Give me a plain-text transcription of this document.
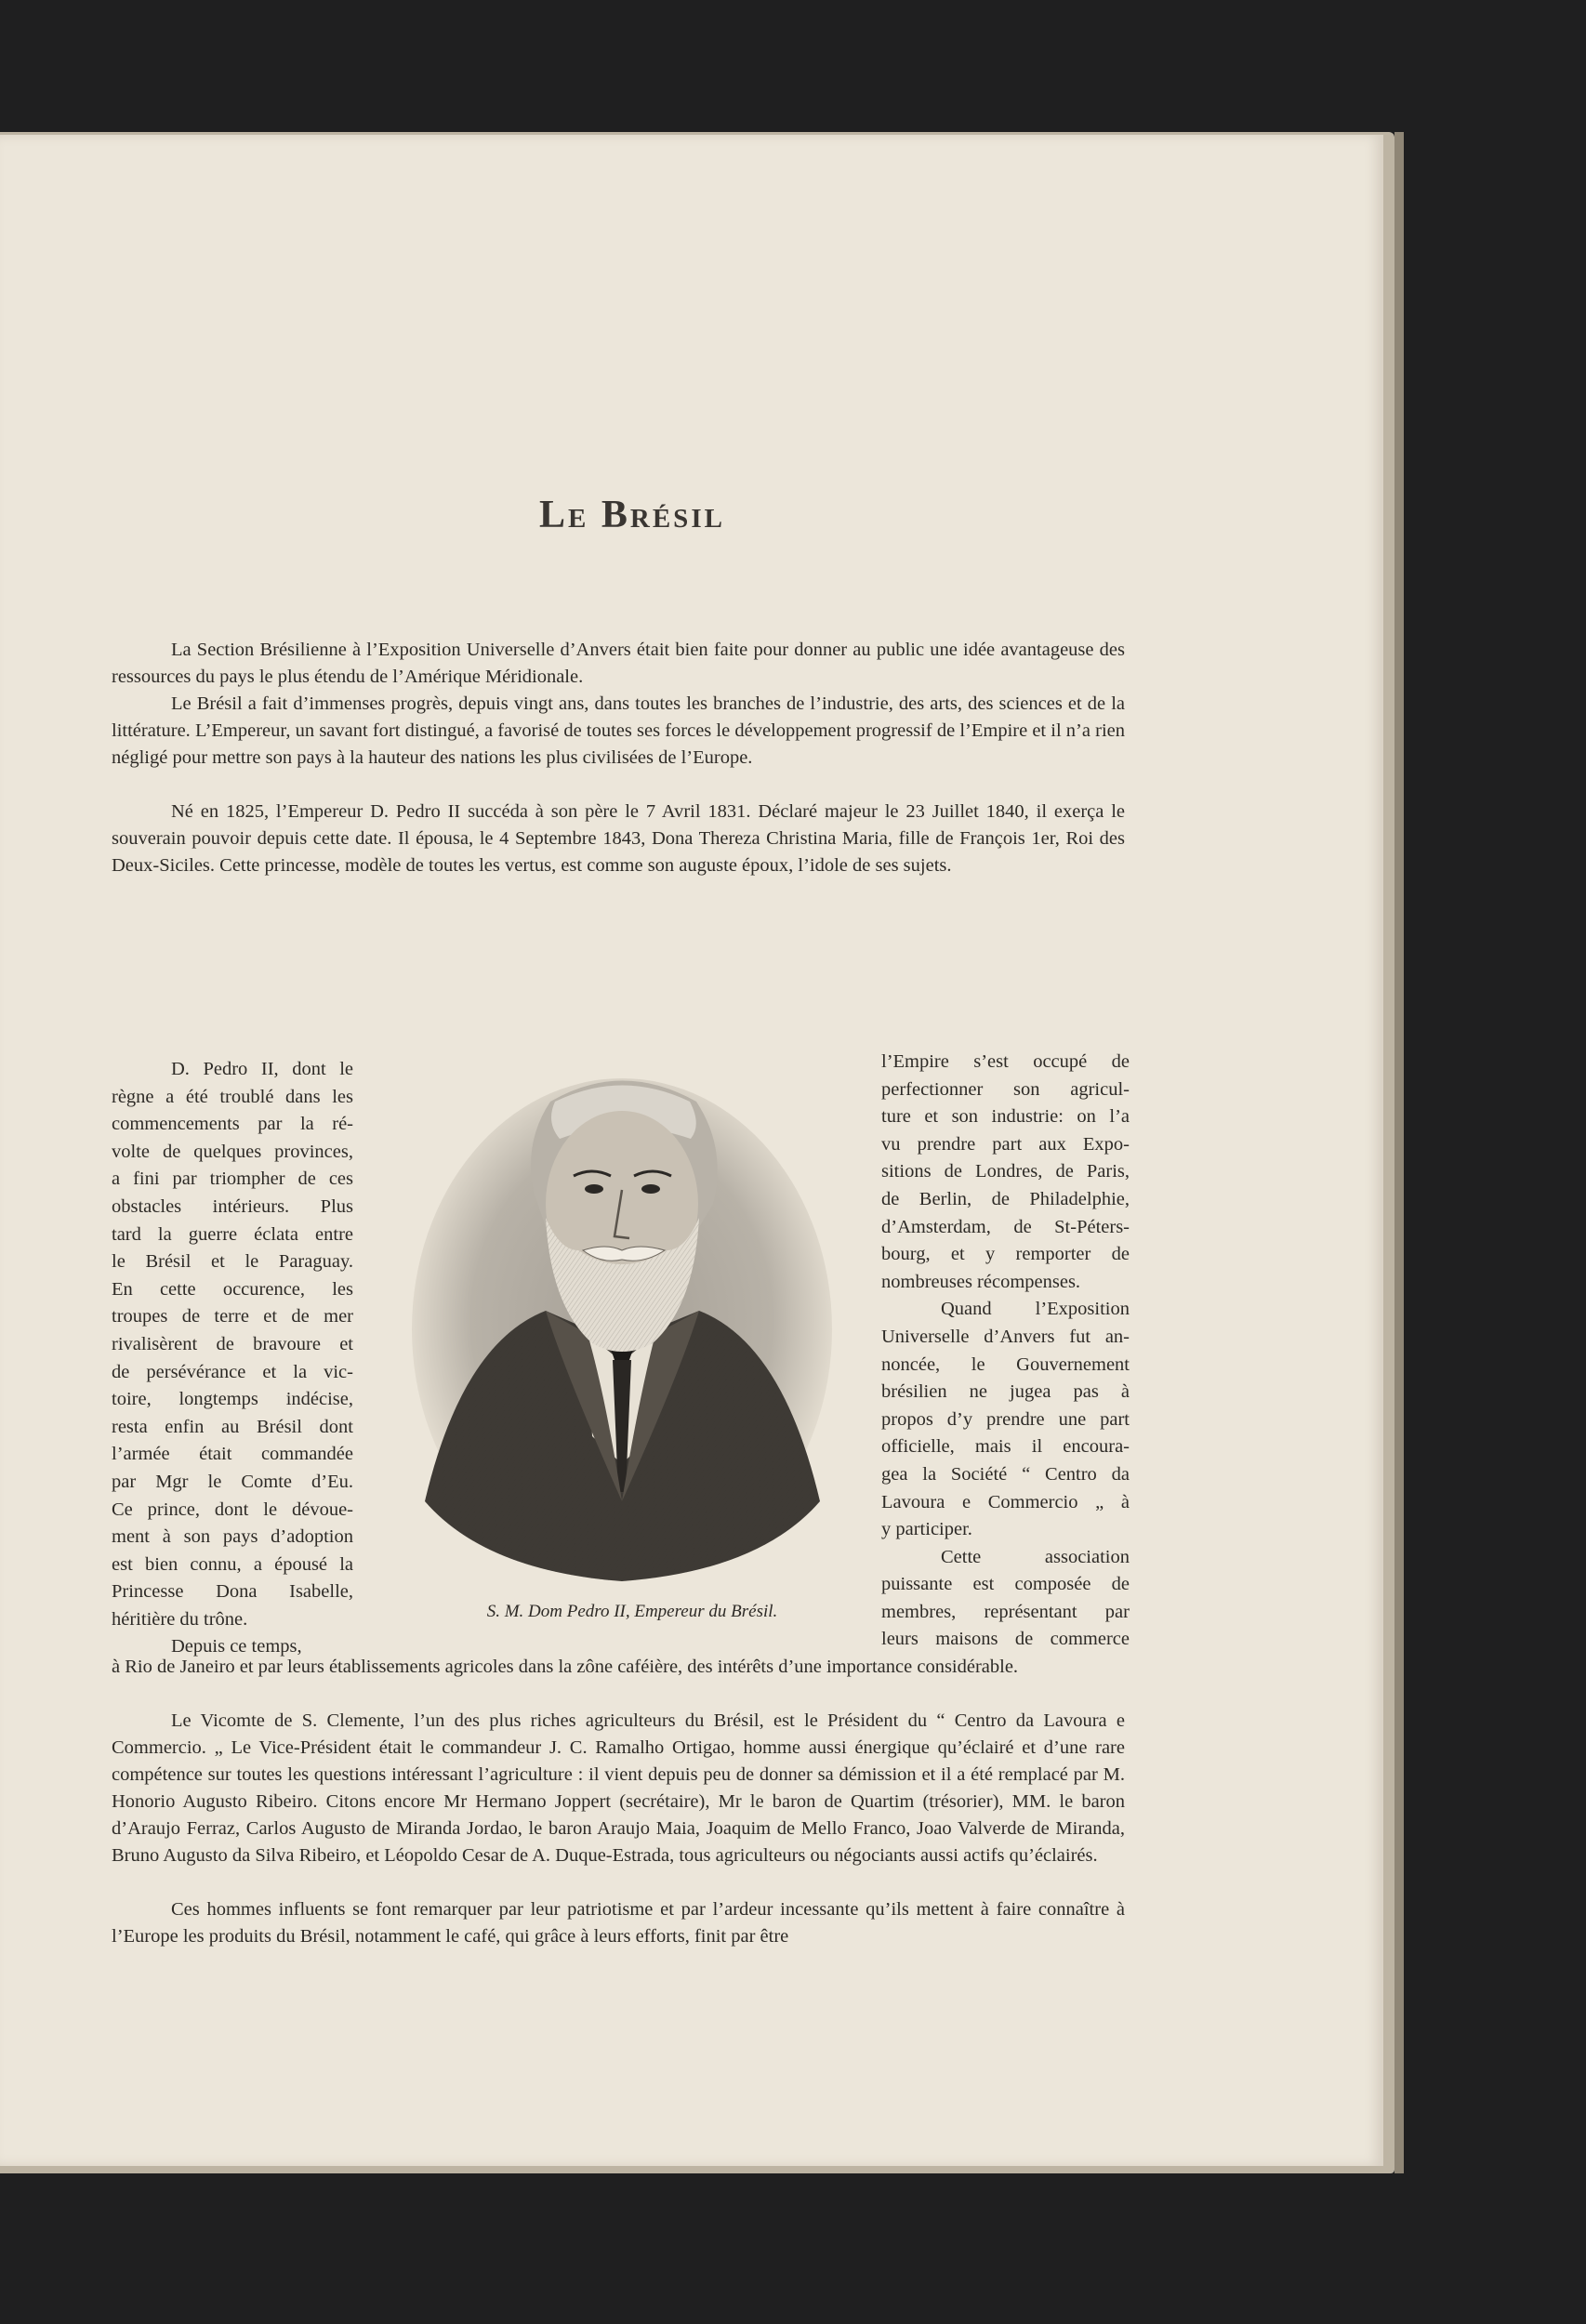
Le Brésil

La Section Brésilienne à l’Exposition Universelle d’Anvers était bien faite pour donner au public une idée avantageuse des ressources du pays le plus étendu de l’Amérique Méridionale.

Le Brésil a fait d’immenses progrès, depuis vingt ans, dans toutes les branches de l’industrie, des arts, des sciences et de la littérature. L’Empereur, un savant fort distingué, a favorisé de toutes ses forces le développement progressif de l’Empire et il n’a rien négligé pour mettre son pays à la hauteur des nations les plus civilisées de l’Europe.

Né en 1825, l’Empereur D. Pedro II succéda à son père le 7 Avril 1831. Déclaré majeur le 23 Juillet 1840, il exerça le souverain pouvoir depuis cette date. Il épousa, le 4 Septembre 1843, Dona Thereza Christina Maria, fille de François 1er, Roi des Deux-Siciles. Cette princesse, modèle de toutes les vertus, est comme son auguste époux, l’idole de ses sujets.

D. Pedro II, dont le
règne a été troublé dans les
commencements par la ré-
volte de quelques provinces,
a fini par triompher de ces
obstacles intérieurs. Plus
tard la guerre éclata entre
le Brésil et le Paraguay.
En cette occurence, les
troupes de terre et de mer
rivalisèrent de bravoure et
de persévérance et la vic-
toire, longtemps indécise,
resta enfin au Brésil dont
l’armée était commandée
par Mgr le Comte d’Eu.
Ce prince, dont le dévoue-
ment à son pays d’adoption
est bien connu, a épousé la
Princesse Dona Isabelle,
héritière du trône.
Depuis ce temps,
l’Empire s’est occupé de
perfectionner son agricul-
ture et son industrie: on l’a
vu prendre part aux Expo-
sitions de Londres, de Paris,
de Berlin, de Philadelphie,
d’Amsterdam, de St-Péters-
bourg, et y remporter de
nombreuses récompenses.
Quand l’Exposition
Universelle d’Anvers fut an-
noncée, le Gouvernement
brésilien ne jugea pas à
propos d’y prendre une part
officielle, mais il encoura-
gea la Société “ Centro da
Lavoura e Commercio „ à
y participer.
Cette association
puissante est composée de
membres, représentant par
leurs maisons de commerce

S. M. Dom Pedro II, Empereur du Brésil.

à Rio de Janeiro et par leurs établissements agricoles dans la zône caféière, des intérêts d’une importance considérable.

Le Vicomte de S. Clemente, l’un des plus riches agriculteurs du Brésil, est le Président du “ Centro da Lavoura e Commercio. „ Le Vice-Président était le commandeur J. C. Ramalho Ortigao, homme aussi énergique qu’éclairé et d’une rare compétence sur toutes les questions intéressant l’agriculture : il vient depuis peu de donner sa démission et il a été remplacé par M. Honorio Augusto Ribeiro. Citons encore Mr Hermano Joppert (secrétaire), Mr le baron de Quartim (trésorier), MM. le baron d’Araujo Ferraz, Carlos Augusto de Miranda Jordao, le baron Araujo Maia, Joaquim de Mello Franco, Joao Valverde de Miranda, Bruno Augusto da Silva Ribeiro, et Léopoldo Cesar de A. Duque-Estrada, tous agriculteurs ou négociants aussi actifs qu’éclairés.

Ces hommes influents se font remarquer par leur patriotisme et par l’ardeur incessante qu’ils mettent à faire connaître à l’Europe les produits du Brésil, notamment le café, qui grâce à leurs efforts, finit par être
